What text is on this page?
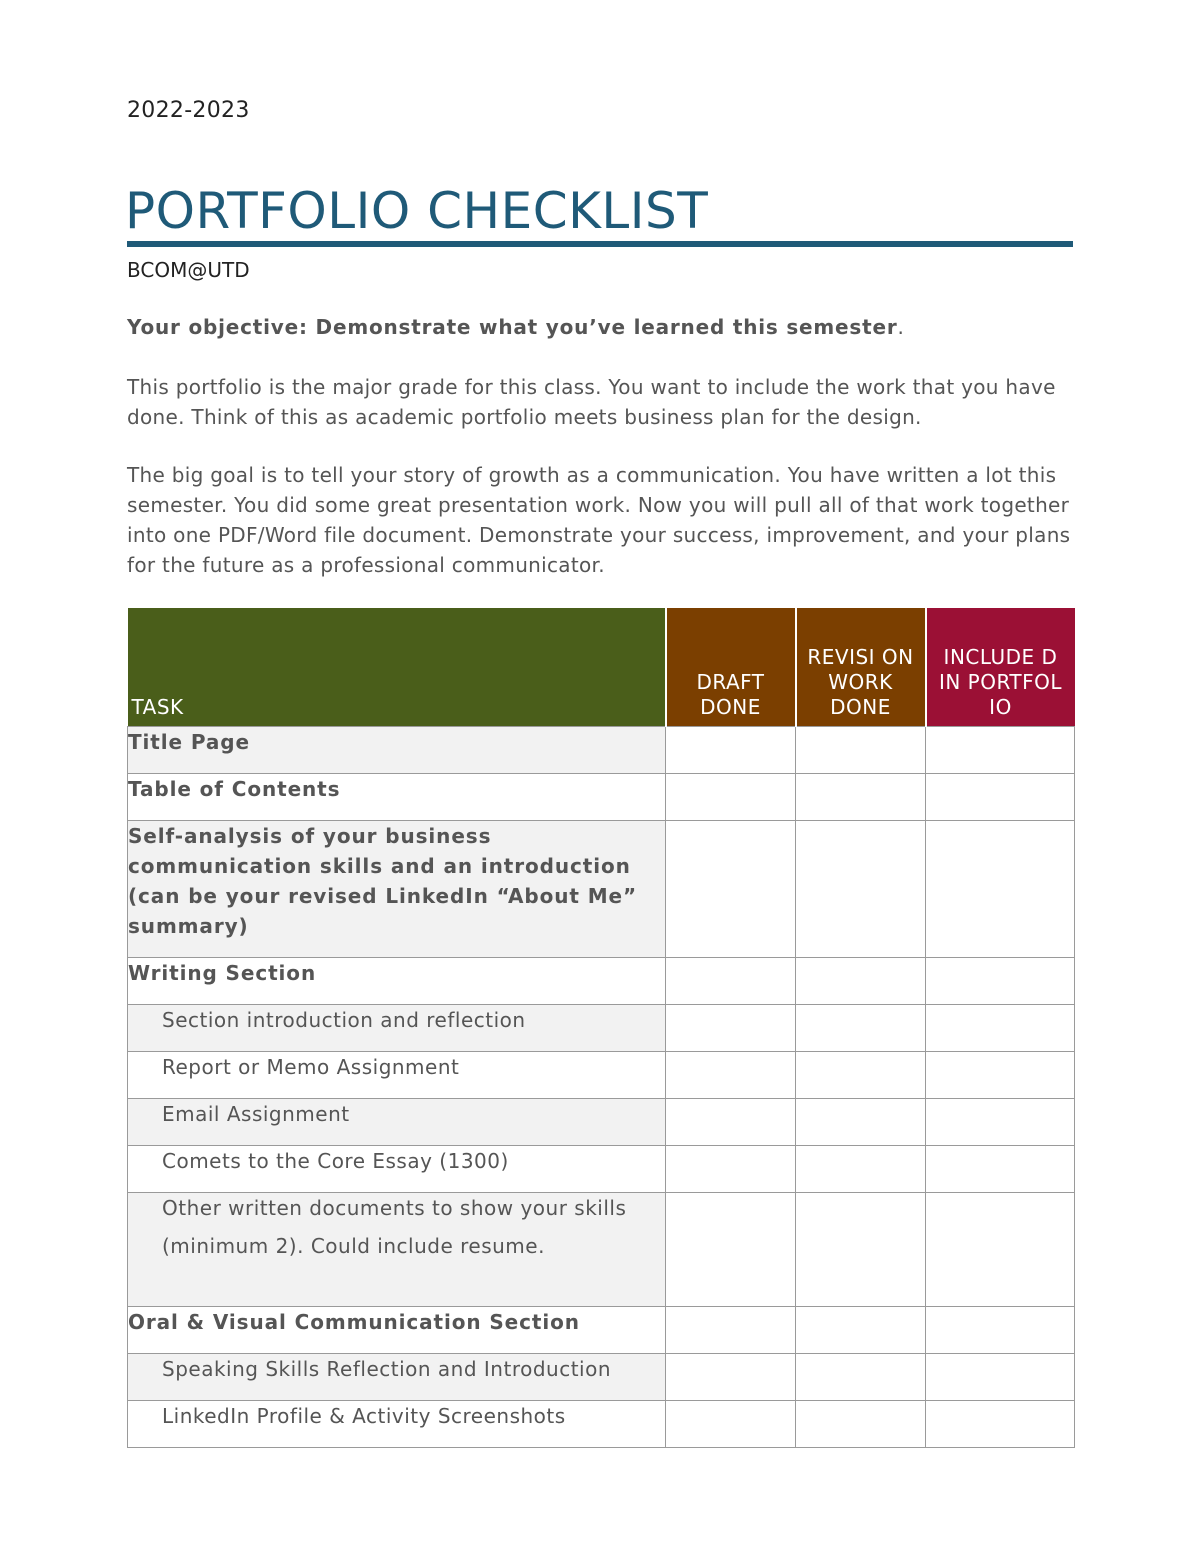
2022-2023
PORTFOLIO CHECKLIST
BCOM@UTD
Your objective: Demonstrate what you’ve learned this semester.

This portfolio is the major grade for this class. You want to include the work that you have done. Think of this as academic portfolio meets business plan for the design.

The big goal is to tell your story of growth as a communication. You have written a lot this semester. You did some great presentation work. Now you will pull all of that work together into one PDF/Word file document. Demonstrate your success, improvement, and your plans for the future as a professional communicator.

TASK	DRAFT DONE	REVISI ON WORK DONE	INCLUDE D IN PORTFOL IO
Title Page			
Table of Contents			
Self-analysis of your business communication skills and an introduction (can be your revised LinkedIn “About Me” summary)			
Writing Section			

Section introduction and reflection			

Report or Memo Assignment			

Email Assignment			

Comets to the Core Essay (1300)			

Other written documents to show your skills
(minimum 2). Could include resume.			

Oral & Visual Communication Section			

Speaking Skills Reflection and Introduction			

LinkedIn Profile & Activity Screenshots			
